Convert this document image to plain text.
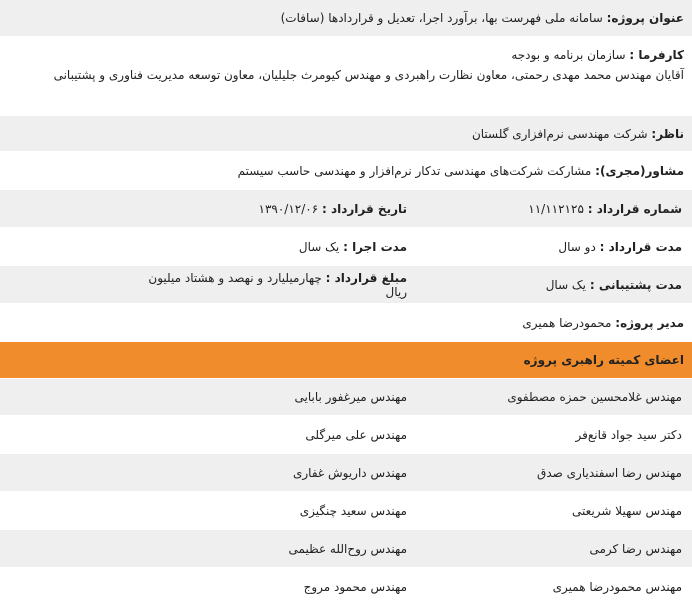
عنوان پروژه
:

سامانه ملی فهرست بها، برآورد اجرا، تعدیل و قراردادها (سافات)
کارفرما : سازمان برنامه و بودجه
آقایان مهندس محمد مهدی رحمتی، معاون نظارت راهبردی و مهندس کیومرث جلیلیان، معاون توسعه مدیریت فناوری و پشتیبانی
ناظر
:

شرکت مهندسی نرم‌افزاری گلستان
مشاور(مجری)
:

مشارکت شرکت‌های مهندسی تدکار نرم‌افزار و مهندسی حاسب سیستم
شماره قرارداد : ۱۱/۱۱۲۱۲۵
تاریخ قرارداد : ۱۳۹۰/۱۲/۰۶
مدت قرارداد : دو سال
مدت اجرا : یک سال
مدت پشتیبانی : یک سال
مبلغ قرارداد : چهارمیلیارد و نهصد و هشتاد میلیون ریال
مدیر پروژه
:

محمودرضا همیری
اعضای کمیته راهبری پروژه
مهندس غلامحسین حمزه مصطفوی
مهندس میرغفور بابایی
دکتر سید جواد قانع‌فر
مهندس علی میرگلی
مهندس رضا اسفندیاری صدق
مهندس داریوش غفاری
مهندس سهیلا شریعتی
مهندس سعید چنگیزی
مهندس رضا کرمی
مهندس روح‌الله عظیمی
مهندس محمودرضا همیری
مهندس محمود مروج
